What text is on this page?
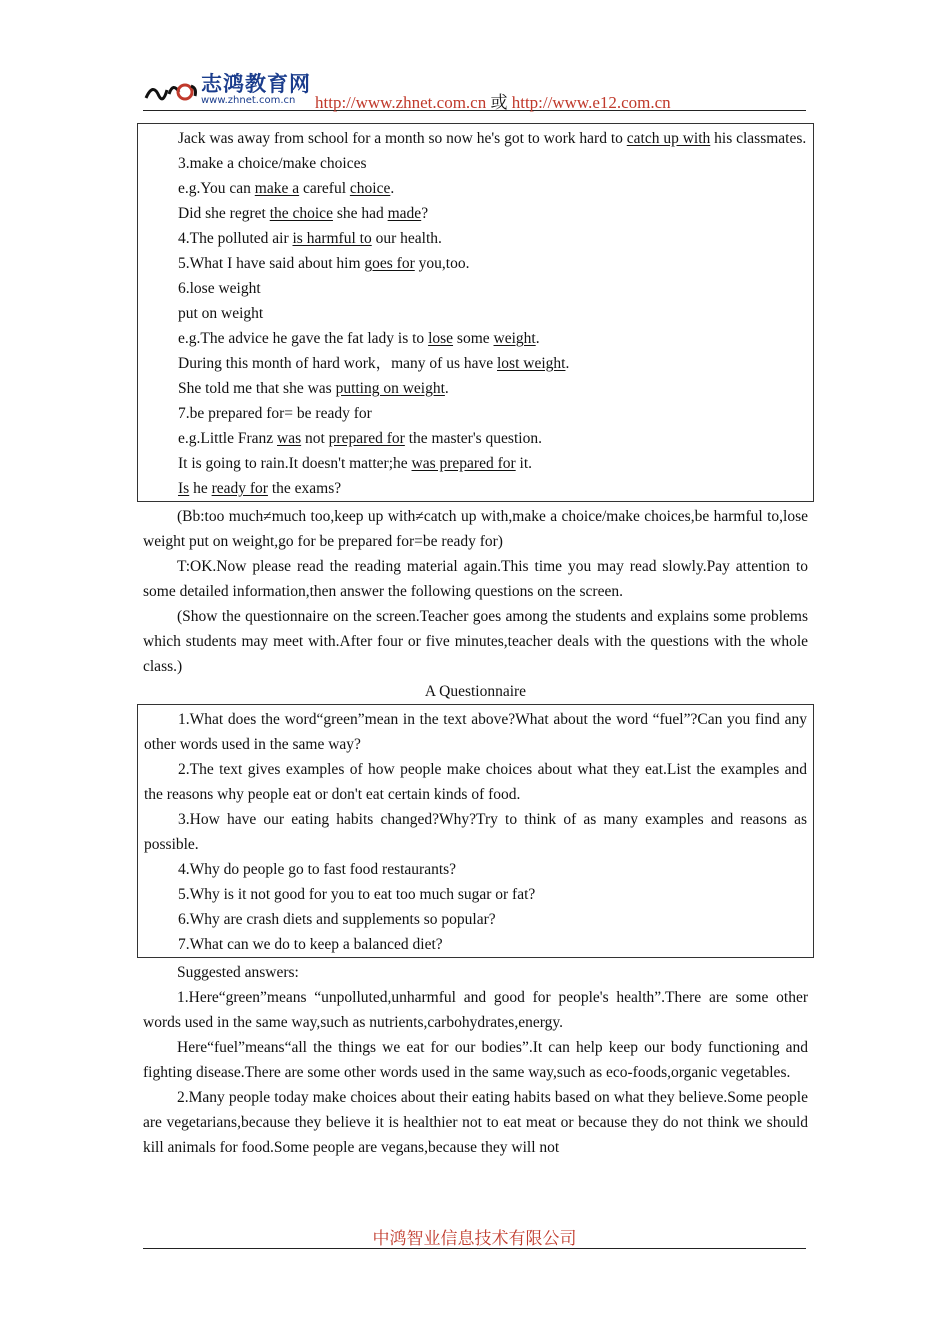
志鸿教育网
www.zhnet.com.cn http://www.zhnet.com.cn 或 http://www.e12.com.cn

Jack was away from school for a month so now he's got to work hard to catch up with his classmates.

3.make a choice/make choices

e.g.You can make a careful choice.

Did she regret the choice she had made?

4.The polluted air is harmful to our health.

5.What I have said about him goes for you,too.

6.lose weight

put on weight

e.g.The advice he gave the fat lady is to lose some weight.

During this month of hard work，many of us have lost weight.

She told me that she was putting on weight.

7.be prepared for= be ready for

e.g.Little Franz was not prepared for the master's question.

It is going to rain.It doesn't matter;he was prepared for it.

Is he ready for the exams?

(Bb:too much≠much too,keep up with≠catch up with,make a choice/make choices,be harmful to,lose weight put on weight,go for be prepared for=be ready for)

T:OK.Now please read the reading material again.This time you may read slowly.Pay attention to some detailed information,then answer the following questions on the screen.

(Show the questionnaire on the screen.Teacher goes among the students and explains some problems which students may meet with.After four or five minutes,teacher deals with the questions with the whole class.)

A Questionnaire

1.What does the word“green”mean in the text above?What about the word “fuel”?Can you find any other words used in the same way?

2.The text gives examples of how people make choices about what they eat.List the examples and the reasons why people eat or don't eat certain kinds of food.

3.How have our eating habits changed?Why?Try to think of as many examples and reasons as possible.

4.Why do people go to fast food restaurants?

5.Why is it not good for you to eat too much sugar or fat?

6.Why are crash diets and supplements so popular?

7.What can we do to keep a balanced diet?

Suggested answers:

1.Here“green”means “unpolluted,unharmful and good for people's health”.There are some other words used in the same way,such as nutrients,carbohydrates,energy.

Here“fuel”means“all the things we eat for our bodies”.It can help keep our body functioning and fighting disease.There are some other words used in the same way,such as eco-foods,organic vegetables.

2.Many people today make choices about their eating habits based on what they believe.Some people are vegetarians,because they believe it is healthier not to eat meat or because they do not think we should kill animals for food.Some people are vegans,because they will not

中鸿智业信息技术有限公司
